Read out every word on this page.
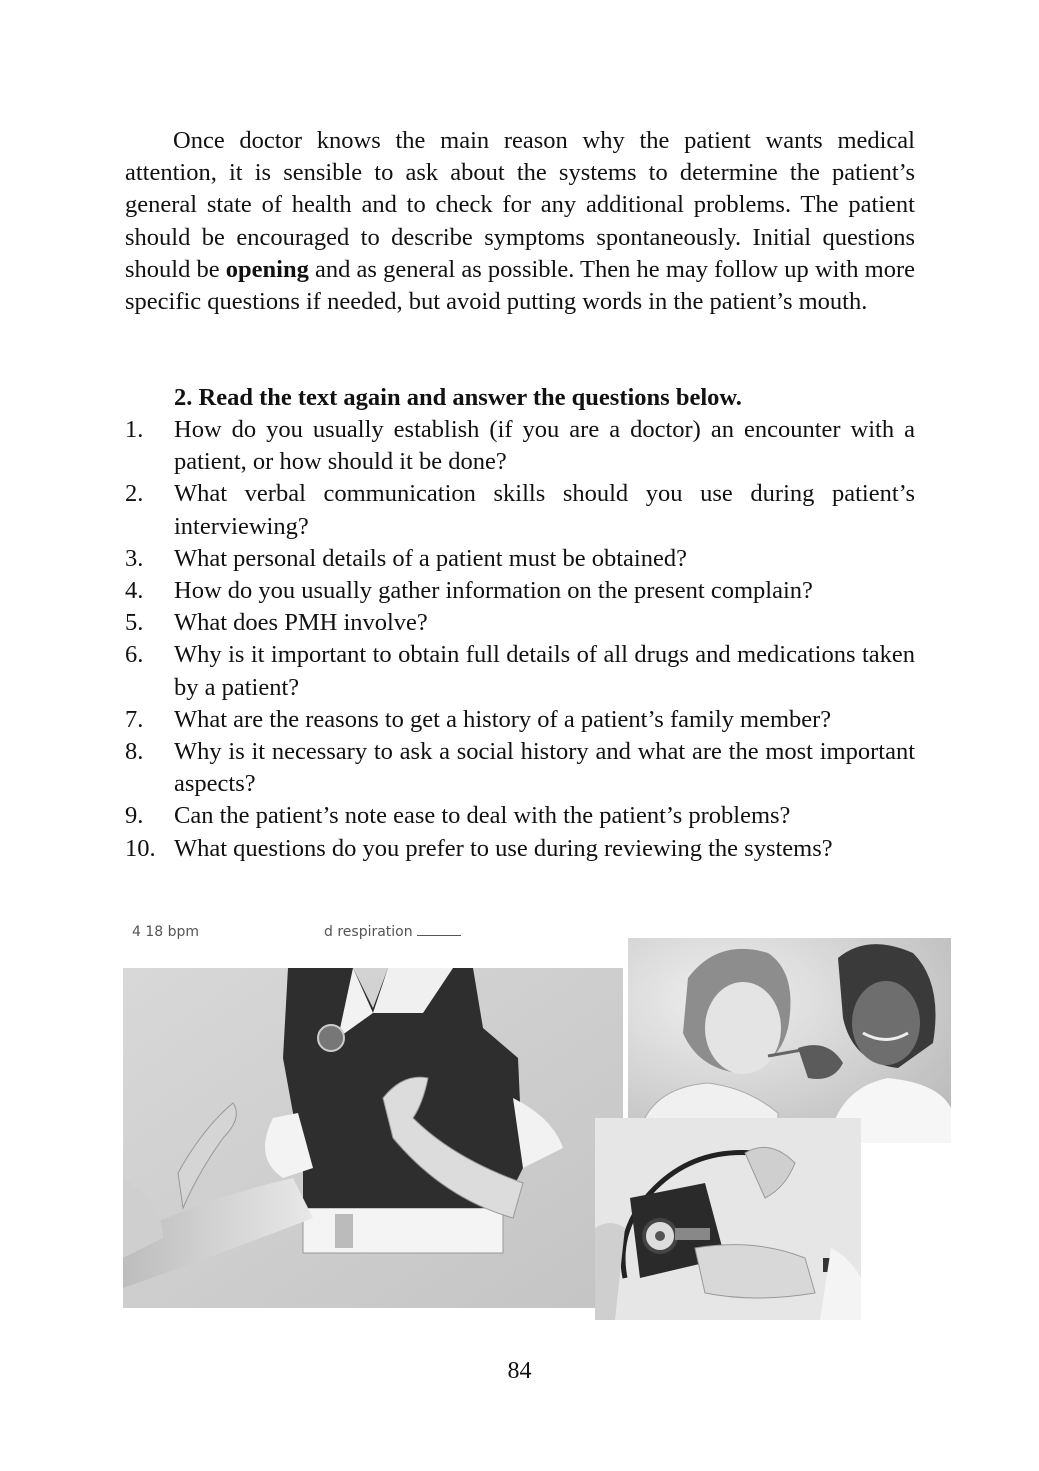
Once doctor knows the main reason why the patient wants medical attention, it is sensible to ask about the systems to determine the patient’s general state of health and to check for any additional problems. The patient should be encouraged to describe symptoms spontaneously. Initial questions should be opening and as general as possible. Then he may follow up with more specific questions if needed, but avoid putting words in the patient’s mouth.

2. Read the text again and answer the questions below.
1. How do you usually establish (if you are a doctor) an encounter with a patient, or how should it be done?
2. What verbal communication skills should you use during patient’s interviewing?
3. What personal details of a patient must be obtained?
4. How do you usually gather information on the present complain?
5. What does PMH involve?
6. Why is it important to obtain full details of all drugs and medications taken by a patient?
7. What are the reasons to get a history of a patient’s family member?
8. Why is it necessary to ask a social history and what are the most important aspects?
9. Can the patient’s note ease to deal with the patient’s problems?
10. What questions do you prefer to use during reviewing the systems?
4 18 bpm	d respiration
84
